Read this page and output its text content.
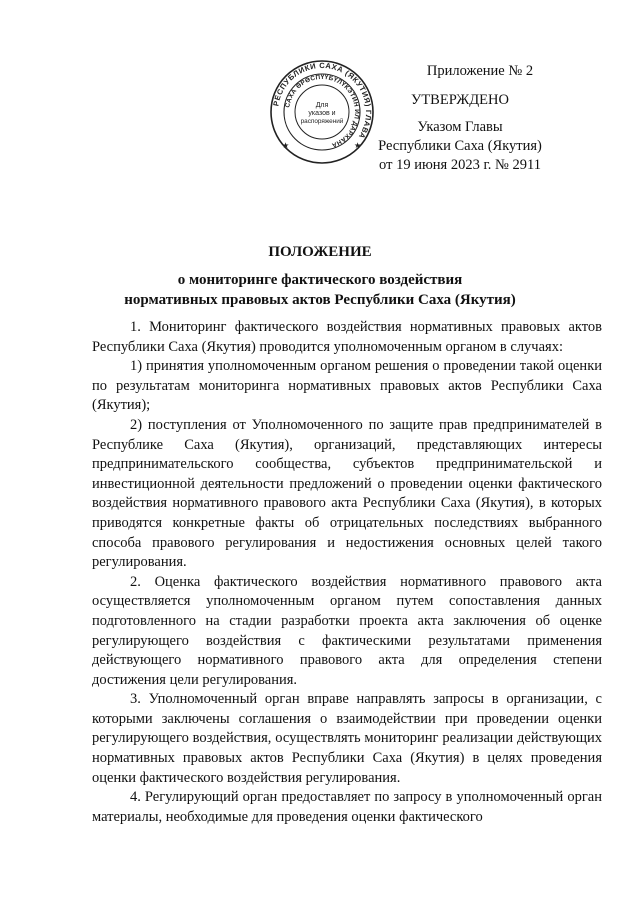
РЕСПУБЛИКИ САХА (ЯКУТИЯ) ГЛАВА
САХА ӨРӨСПҮҮБҮЛҮКЭТИН ИЛ ДАРХАНА
Для
указов и
распоряжений
★	★
Приложение № 2
УТВЕРЖДЕНО
Указом Главы
Республики Саха (Якутия)
от 19 июня 2023 г. № 2911
ПОЛОЖЕНИЕ
о мониторинге фактического воздействия
нормативных правовых актов Республики Саха (Якутия)

1. Мониторинг фактического воздействия нормативных правовых актов Республики Саха (Якутия) проводится уполномоченным органом в случаях:

1) принятия уполномоченным органом решения о проведении такой оценки по результатам мониторинга нормативных правовых актов Республики Саха (Якутия);

2) поступления от Уполномоченного по защите прав предпринимателей в Республике Саха (Якутия), организаций, представляющих интересы предпринимательского сообщества, субъектов предпринимательской и инвестиционной деятельности предложений о проведении оценки фактического воздействия нормативного правового акта Республики Саха (Якутия), в которых приводятся конкретные факты об отрицательных последствиях выбранного способа правового регулирования и недостижения основных целей такого регулирования.

2. Оценка фактического воздействия нормативного правового акта осуществляется уполномоченным органом путем сопоставления данных подготовленного на стадии разработки проекта акта заключения об оценке регулирующего воздействия с фактическими результатами применения действующего нормативного правового акта для определения степени достижения цели регулирования.

3. Уполномоченный орган вправе направлять запросы в организации, с которыми заключены соглашения о взаимодействии при проведении оценки регулирующего воздействия, осуществлять мониторинг реализации действующих нормативных правовых актов Республики Саха (Якутия) в целях проведения оценки фактического воздействия регулирования.

4. Регулирующий орган предоставляет по запросу в уполномоченный орган материалы, необходимые для проведения оценки фактического
